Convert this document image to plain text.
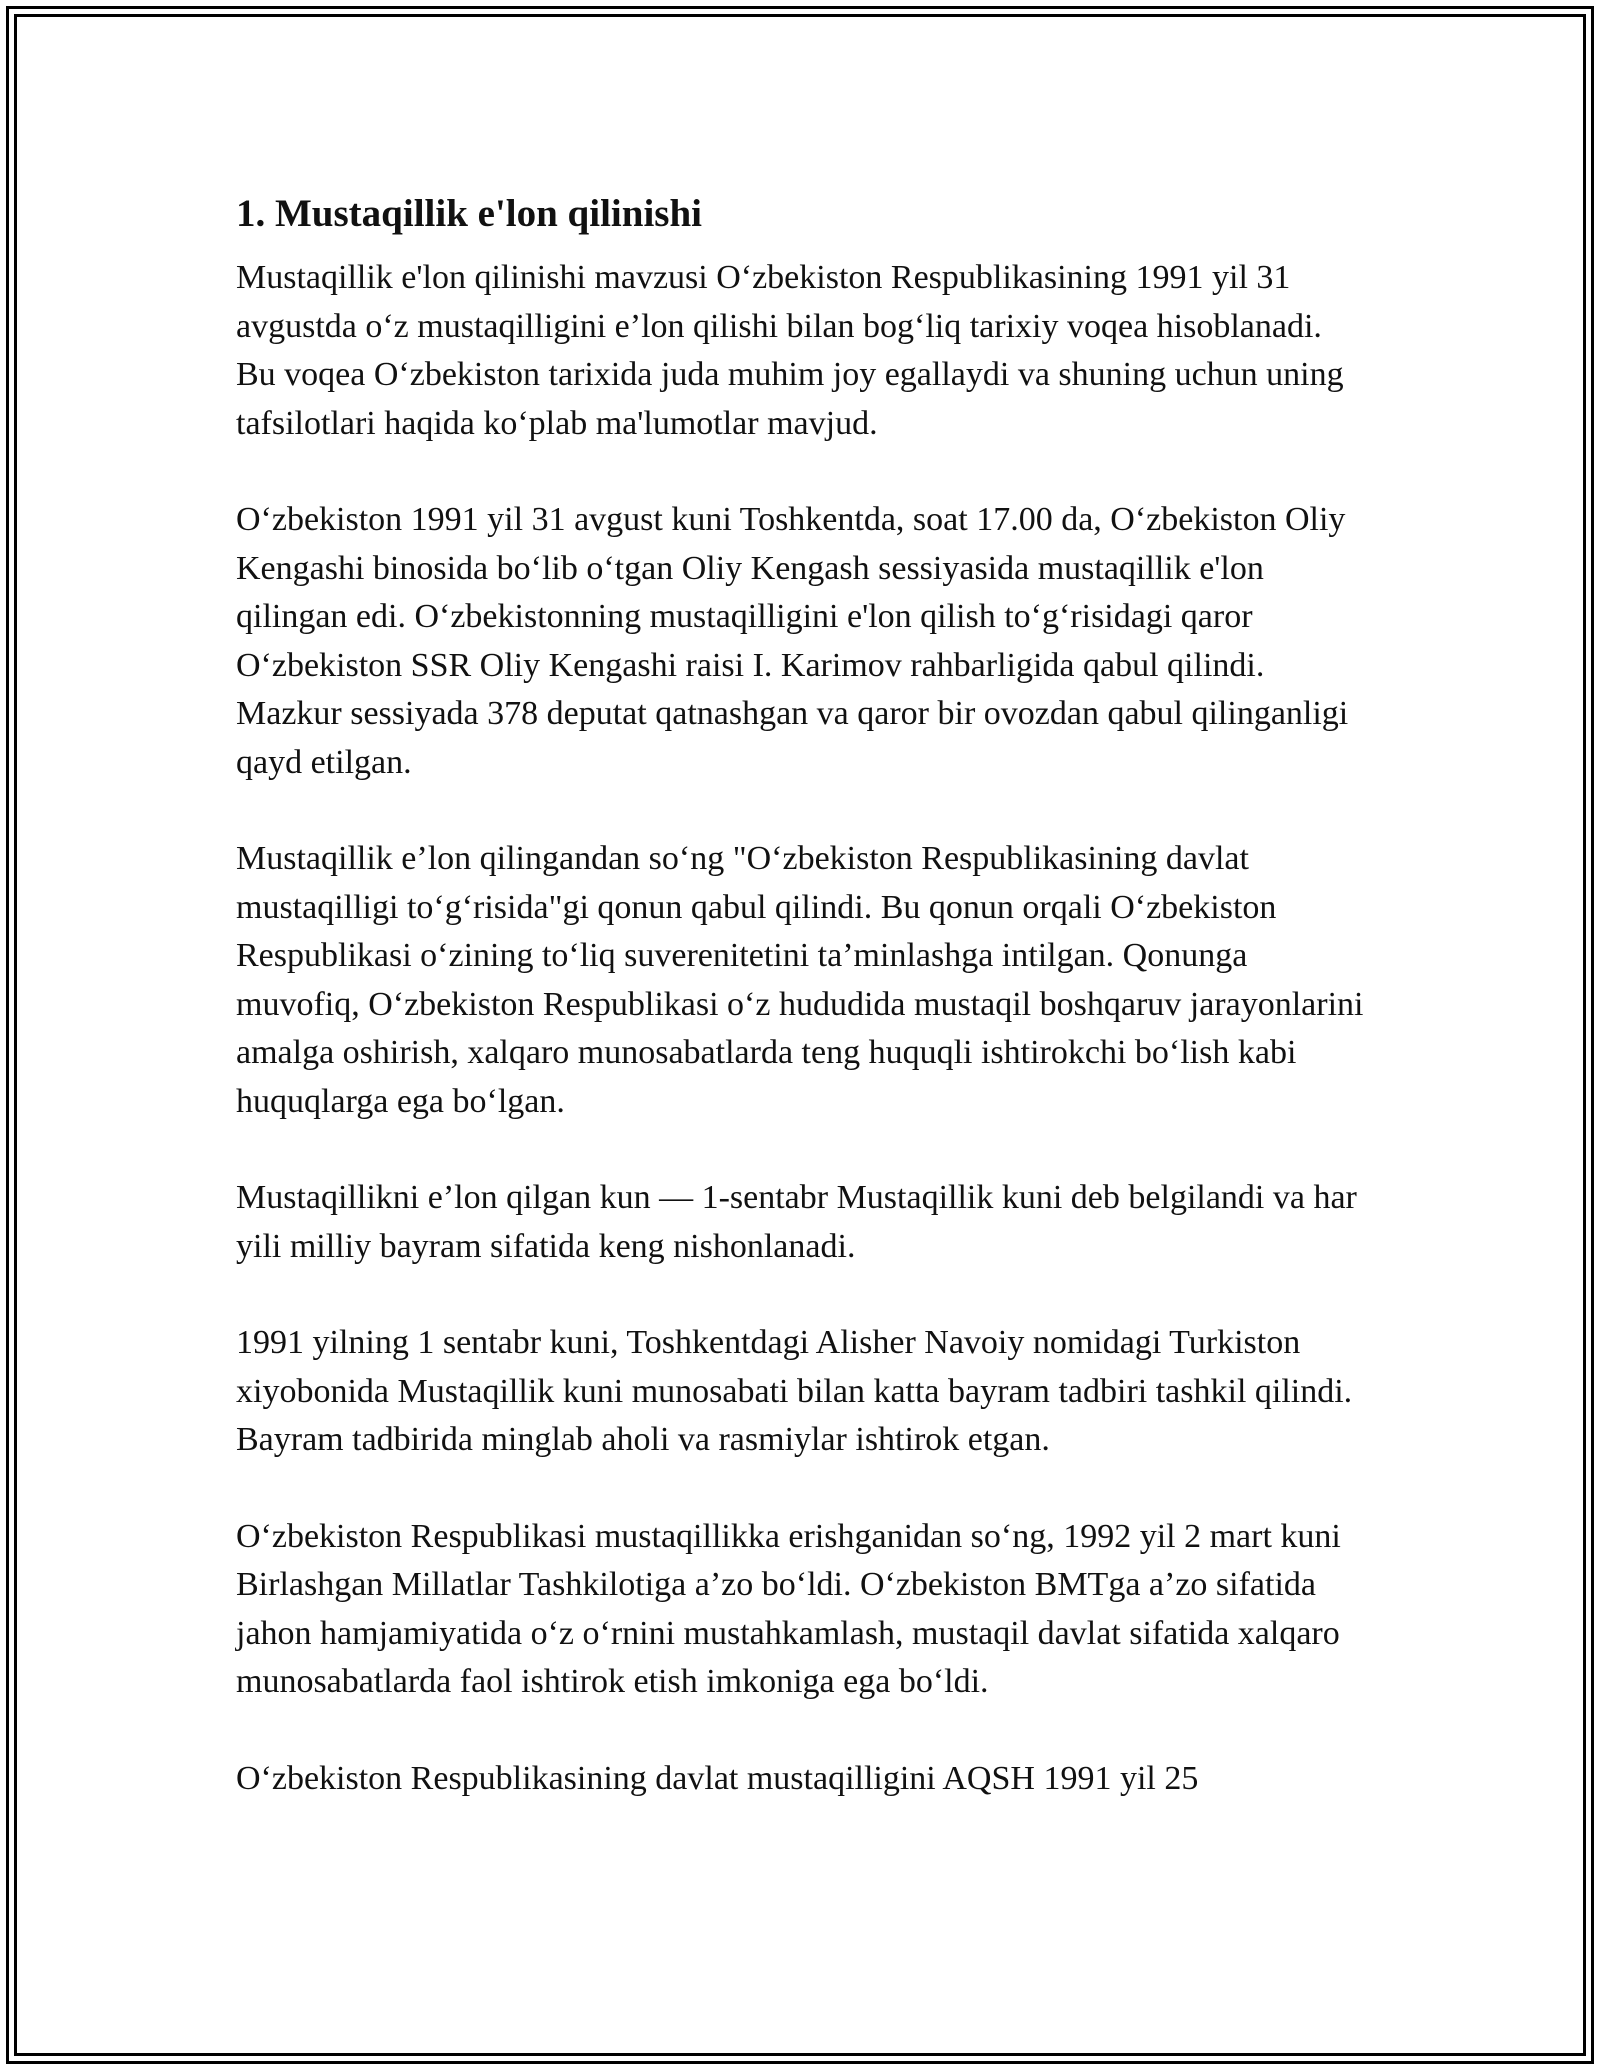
1. Mustaqillik e'lon qilinishi

Mustaqillik e'lon qilinishi mavzusi Oʻzbekiston Respublikasining 1991 yil 31 avgustda oʻz mustaqilligini e’lon qilishi bilan bogʻliq tarixiy voqea hisoblanadi. Bu voqea Oʻzbekiston tarixida juda muhim joy egallaydi va shuning uchun uning tafsilotlari haqida koʻplab ma'lumotlar mavjud.

Oʻzbekiston 1991 yil 31 avgust kuni Toshkentda, soat 17.00 da, Oʻzbekiston Oliy Kengashi binosida boʻlib oʻtgan Oliy Kengash sessiyasida mustaqillik e'lon qilingan edi. Oʻzbekistonning mustaqilligini e'lon qilish toʻgʻrisidagi qaror Oʻzbekiston SSR Oliy Kengashi raisi I. Karimov rahbarligida qabul qilindi. Mazkur sessiyada 378 deputat qatnashgan va qaror bir ovozdan qabul qilinganligi qayd etilgan.

Mustaqillik e’lon qilingandan soʻng "Oʻzbekiston Respublikasining davlat mustaqilligi toʻgʻrisida"gi qonun qabul qilindi. Bu qonun orqali Oʻzbekiston Respublikasi oʻzining toʻliq suverenitetini ta’minlashga intilgan. Qonunga muvofiq, Oʻzbekiston Respublikasi oʻz hududida mustaqil boshqaruv jarayonlarini amalga oshirish, xalqaro munosabatlarda teng huquqli ishtirokchi boʻlish kabi huquqlarga ega boʻlgan.

Mustaqillikni e’lon qilgan kun — 1-sentabr Mustaqillik kuni deb belgilandi va har yili milliy bayram sifatida keng nishonlanadi.

1991 yilning 1 sentabr kuni, Toshkentdagi Alisher Navoiy nomidagi Turkiston xiyobonida Mustaqillik kuni munosabati bilan katta bayram tadbiri tashkil qilindi. Bayram tadbirida minglab aholi va rasmiylar ishtirok etgan.

Oʻzbekiston Respublikasi mustaqillikka erishganidan soʻng, 1992 yil 2 mart kuni Birlashgan Millatlar Tashkilotiga a’zo boʻldi. Oʻzbekiston BMTga a’zo sifatida jahon hamjamiyatida oʻz oʻrnini mustahkamlash, mustaqil davlat sifatida xalqaro munosabatlarda faol ishtirok etish imkoniga ega boʻldi.

Oʻzbekiston Respublikasining davlat mustaqilligini AQSH 1991 yil 25
